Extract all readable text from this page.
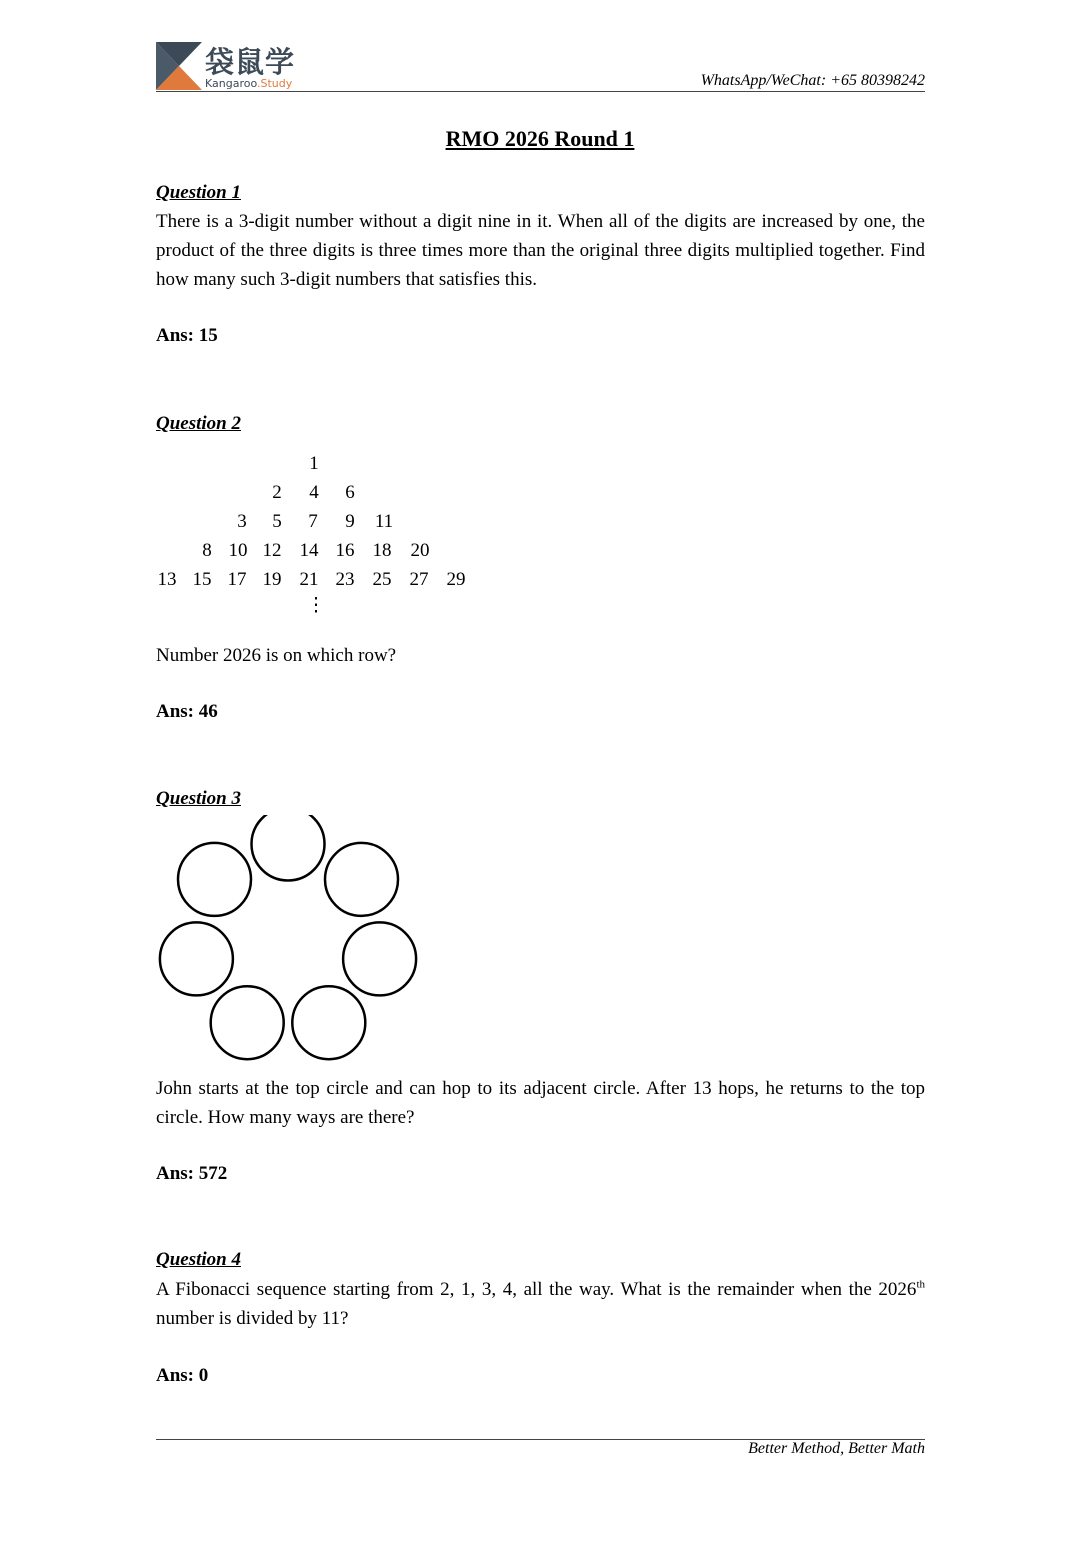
袋鼠学
Kangaroo.Study	WhatsApp/WeChat: +65 80398242
RMO 2026 Round 1
Question 1
There is a 3-digit number without a digit nine in it. When all of the digits are increased by one, the product of the three digits is three times more than the original three digits multiplied together. Find how many such 3-digit numbers that satisfies this.
Ans: 15
Question 2
1
2 4 6
3 5 7 9 11
8 10 12 14 16 18 20
13 15 17 19 21 23 25 27 29
⋮
Number 2026 is on which row?
Ans: 46
Question 3
John starts at the top circle and can hop to its adjacent circle. After 13 hops, he returns to the top circle. How many ways are there?
Ans: 572
Question 4
A Fibonacci sequence starting from 2, 1, 3, 4, all the way. What is the remainder when the 2026th number is divided by 11?
Ans: 0
Better Method, Better Math
